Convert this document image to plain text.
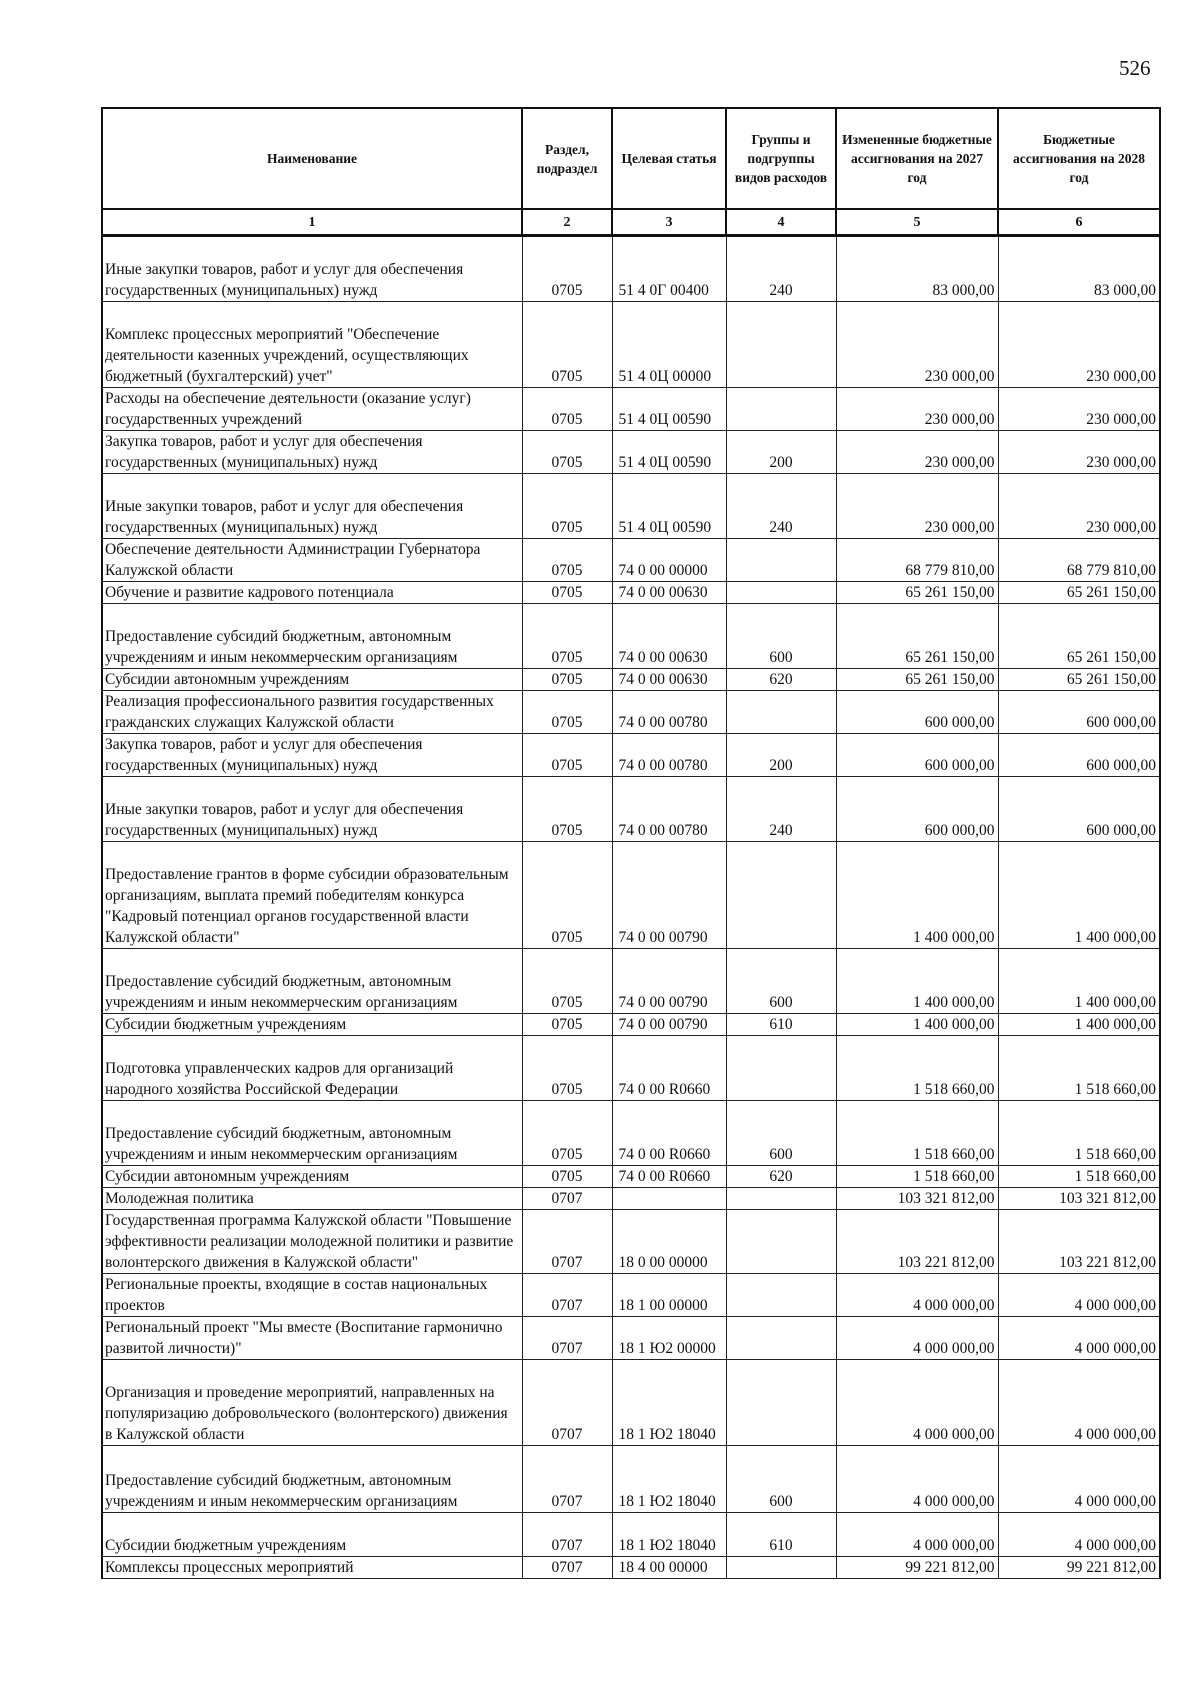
526
Наименование	Раздел, подраздел	Целевая статья	Группы и подгруппы видов расходов	Измененные бюджетные ассигнования на 2027 год	Бюджетные ассигнования на 2028 год
1	2	3	4	5	6
Иные закупки товаров, работ и услуг для обеспечения государственных (муниципальных) нужд	0705	51 4 0Г 00400	240	83 000,00	83 000,00
Комплекс процессных мероприятий "Обеспечение деятельности казенных учреждений, осуществляющих бюджетный (бухгалтерский) учет"	0705	51 4 0Ц 00000		230 000,00	230 000,00
Расходы на обеспечение деятельности (оказание услуг) государственных учреждений	0705	51 4 0Ц 00590		230 000,00	230 000,00
Закупка товаров, работ и услуг для обеспечения государственных (муниципальных) нужд	0705	51 4 0Ц 00590	200	230 000,00	230 000,00
Иные закупки товаров, работ и услуг для обеспечения государственных (муниципальных) нужд	0705	51 4 0Ц 00590	240	230 000,00	230 000,00
Обеспечение деятельности Администрации Губернатора Калужской области	0705	74 0 00 00000		68 779 810,00	68 779 810,00
Обучение и развитие кадрового потенциала	0705	74 0 00 00630		65 261 150,00	65 261 150,00
Предоставление субсидий бюджетным, автономным учреждениям и иным некоммерческим организациям	0705	74 0 00 00630	600	65 261 150,00	65 261 150,00
Субсидии автономным учреждениям	0705	74 0 00 00630	620	65 261 150,00	65 261 150,00
Реализация профессионального развития государственных гражданских служащих Калужской области	0705	74 0 00 00780		600 000,00	600 000,00
Закупка товаров, работ и услуг для обеспечения государственных (муниципальных) нужд	0705	74 0 00 00780	200	600 000,00	600 000,00
Иные закупки товаров, работ и услуг для обеспечения государственных (муниципальных) нужд	0705	74 0 00 00780	240	600 000,00	600 000,00
Предоставление грантов в форме субсидии образовательным организациям, выплата премий победителям конкурса "Кадровый потенциал органов государственной власти Калужской области"	0705	74 0 00 00790		1 400 000,00	1 400 000,00
Предоставление субсидий бюджетным, автономным учреждениям и иным некоммерческим организациям	0705	74 0 00 00790	600	1 400 000,00	1 400 000,00
Субсидии бюджетным учреждениям	0705	74 0 00 00790	610	1 400 000,00	1 400 000,00
Подготовка управленческих кадров для организаций народного хозяйства Российской Федерации	0705	74 0 00 R0660		1 518 660,00	1 518 660,00
Предоставление субсидий бюджетным, автономным учреждениям и иным некоммерческим организациям	0705	74 0 00 R0660	600	1 518 660,00	1 518 660,00
Субсидии автономным учреждениям	0705	74 0 00 R0660	620	1 518 660,00	1 518 660,00
Молодежная политика	0707			103 321 812,00	103 321 812,00
Государственная программа Калужской области "Повышение эффективности реализации молодежной политики и развитие волонтерского движения в Калужской области"	0707	18 0 00 00000		103 221 812,00	103 221 812,00
Региональные проекты, входящие в состав национальных проектов	0707	18 1 00 00000		4 000 000,00	4 000 000,00
Региональный проект "Мы вместе (Воспитание гармонично развитой личности)"	0707	18 1 Ю2 00000		4 000 000,00	4 000 000,00
Организация и проведение мероприятий, направленных на популяризацию добровольческого (волонтерского) движения в Калужской области	0707	18 1 Ю2 18040		4 000 000,00	4 000 000,00
Предоставление субсидий бюджетным, автономным учреждениям и иным некоммерческим организациям	0707	18 1 Ю2 18040	600	4 000 000,00	4 000 000,00
Субсидии бюджетным учреждениям	0707	18 1 Ю2 18040	610	4 000 000,00	4 000 000,00
Комплексы процессных мероприятий	0707	18 4 00 00000		99 221 812,00	99 221 812,00
